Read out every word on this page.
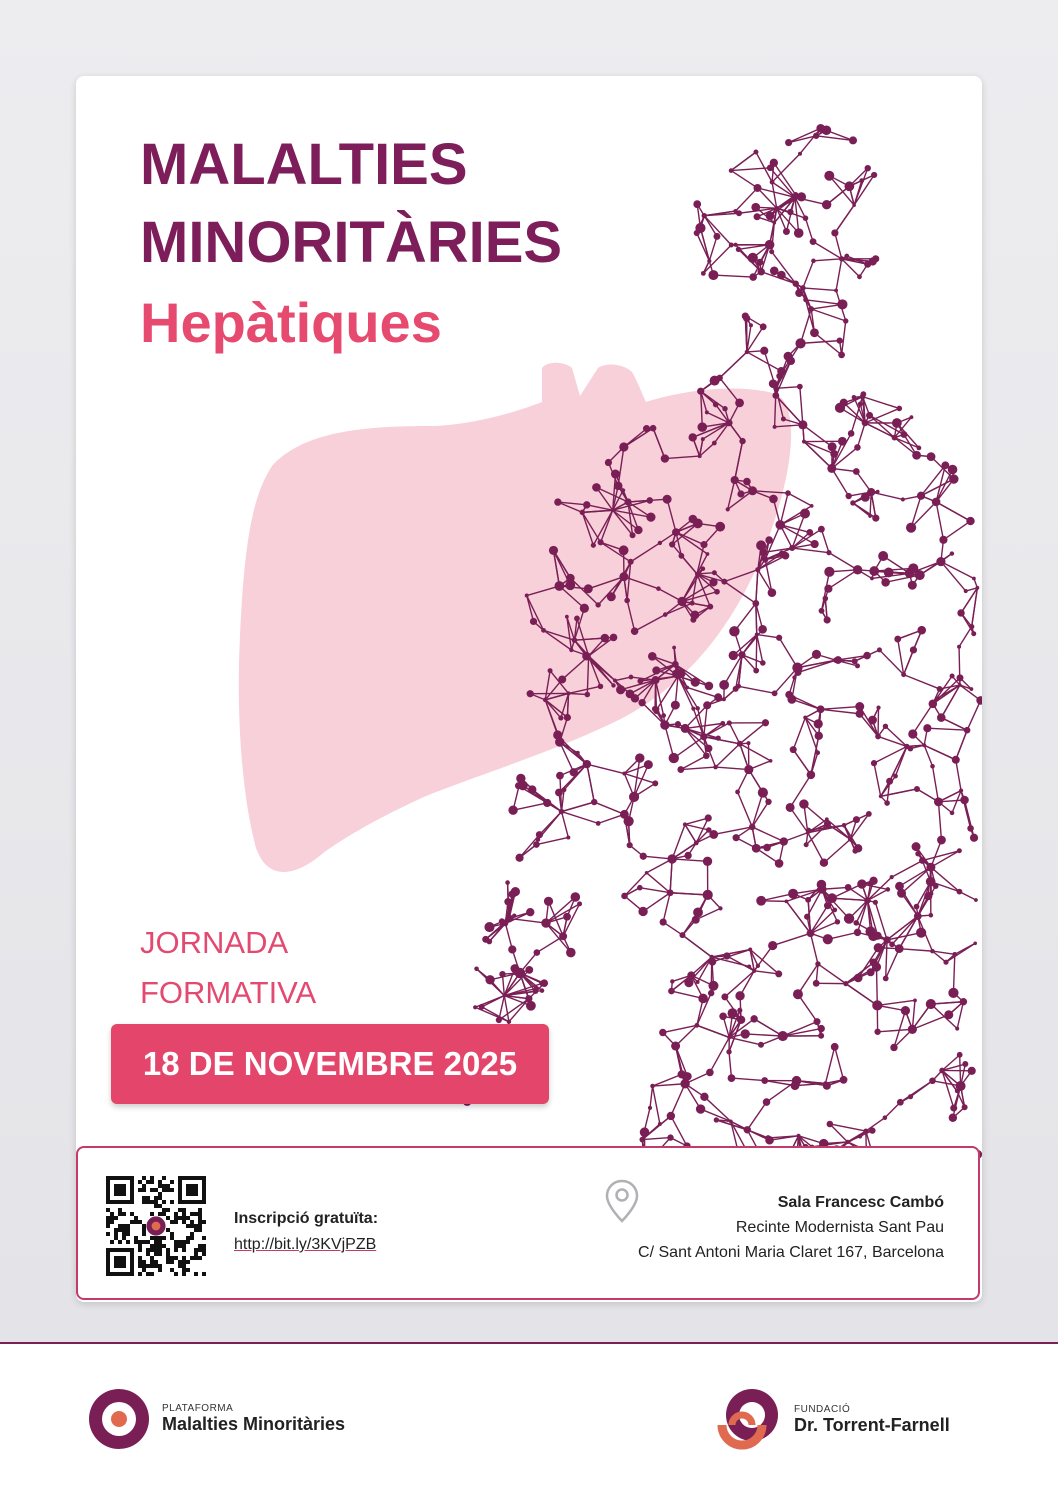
MALALTIES
MINORITÀRIES
Hepàtiques
JORNADA
FORMATIVA
18 DE NOVEMBRE 2025
Inscripció gratuïta:
http://bit.ly/3KVjPZB
Sala Francesc Cambó
Recinte Modernista Sant Pau
C/ Sant Antoni Maria Claret 167, Barcelona
PLATAFORMA
Malalties Minoritàries
FUNDACIÓ
Dr. Torrent-Farnell
